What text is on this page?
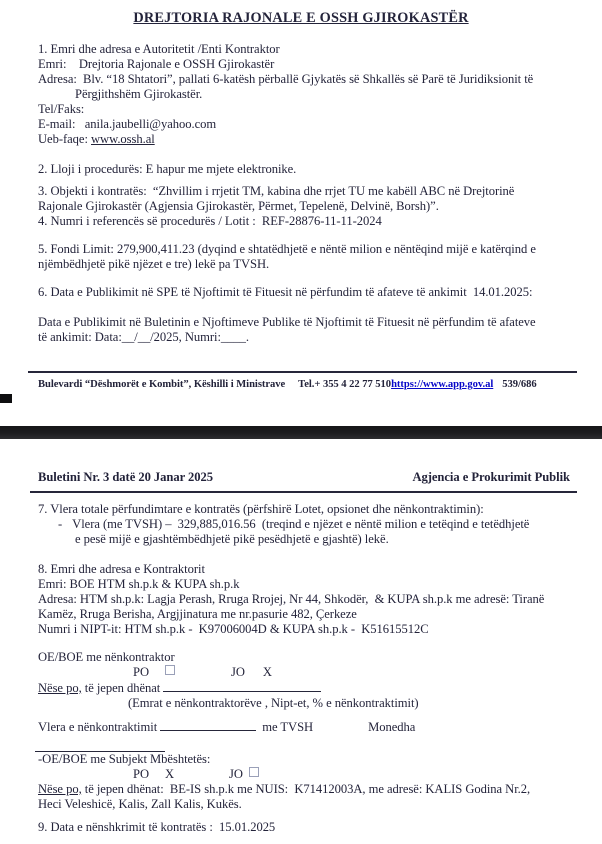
DREJTORIA RAJONALE E OSSH GJIROKASTËR
1. Emri dhe adresa e Autoritetit /Enti Kontraktor
Emri:    Drejtoria Rajonale e OSSH Gjirokastër
Adresa:  Blv. “18 Shtatori”, pallati 6-katësh përballë Gjykatës së Shkallës së Parë të Juridiksionit të
Përgjithshëm Gjirokastër.
Tel/Faks:
E-mail:   anila.jaubelli@yahoo.com
Ueb-faqe: www.ossh.al
2. Lloji i procedurës: E hapur me mjete elektronike.
3. Objekti i kontratës:  “Zhvillim i rrjetit TM, kabina dhe rrjet TU me kabëll ABC në Drejtorinë
Rajonale Gjirokastër (Agjensia Gjirokastër, Përmet, Tepelenë, Delvinë, Borsh)”.
4. Numri i referencës së procedurës / Lotit :  REF-28876-11-11-2024
5. Fondi Limit: 279,900,411.23 (dyqind e shtatëdhjetë e nëntë milion e nëntëqind mijë e katërqind e
njëmbëdhjetë pikë njëzet e tre) lekë pa TVSH.
6. Data e Publikimit në SPE të Njoftimit të Fituesit në përfundim të afateve të ankimit  14.01.2025:
Data e Publikimit në Buletinin e Njoftimeve Publike të Njoftimit të Fituesit në përfundim të afateve
të ankimit: Data:__/__/2025, Numri:____.
Bulevardi “Dëshmorët e Kombit”, Këshilli i Ministrave Tel.+ 355 4 22 77 510 https://www.app.gov.al 539/686
Buletini Nr. 3 datë 20 Janar 2025	Agjencia e Prokurimit Publik
7. Vlera totale përfundimtare e kontratës (përfshirë Lotet, opsionet dhe nënkontraktimin):
- Vlera (me TVSH) –  329,885,016.56  (treqind e njëzet e nëntë milion e tetëqind e tetëdhjetë
e pesë mijë e gjashtëmbëdhjetë pikë pesëdhjetë e gjashtë) lekë.
8. Emri dhe adresa e Kontraktorit
Emri: BOE HTM sh.p.k & KUPA sh.p.k
Adresa: HTM sh.p.k: Lagja Perash, Rruga Rrojej, Nr 44, Shkodër,  & KUPA sh.p.k me adresë: Tiranë
Kamëz, Rruga Berisha, Argjjinatura me nr.pasurie 482, Çerkeze
Numri i NIPT-it: HTM sh.p.k -  K97006004D & KUPA sh.p.k -  K51615512C
OE/BOE me nënkontraktor
PO	JO X
Nëse po, të jepen dhënat
(Emrat e nënkontraktorëve , Nipt-et, % e nënkontraktimit)
Vlera e nënkontraktimit	me TVSH	Monedha
-OE/BOE me Subjekt Mbështetës:
PO X	JO
Nëse po, të jepen dhënat:  BE-IS sh.p.k me NUIS:  K71412003A, me adresë: KALIS Godina Nr.2,
Heci Veleshicë, Kalis, Zall Kalis, Kukës.
9. Data e nënshkrimit të kontratës :  15.01.2025
